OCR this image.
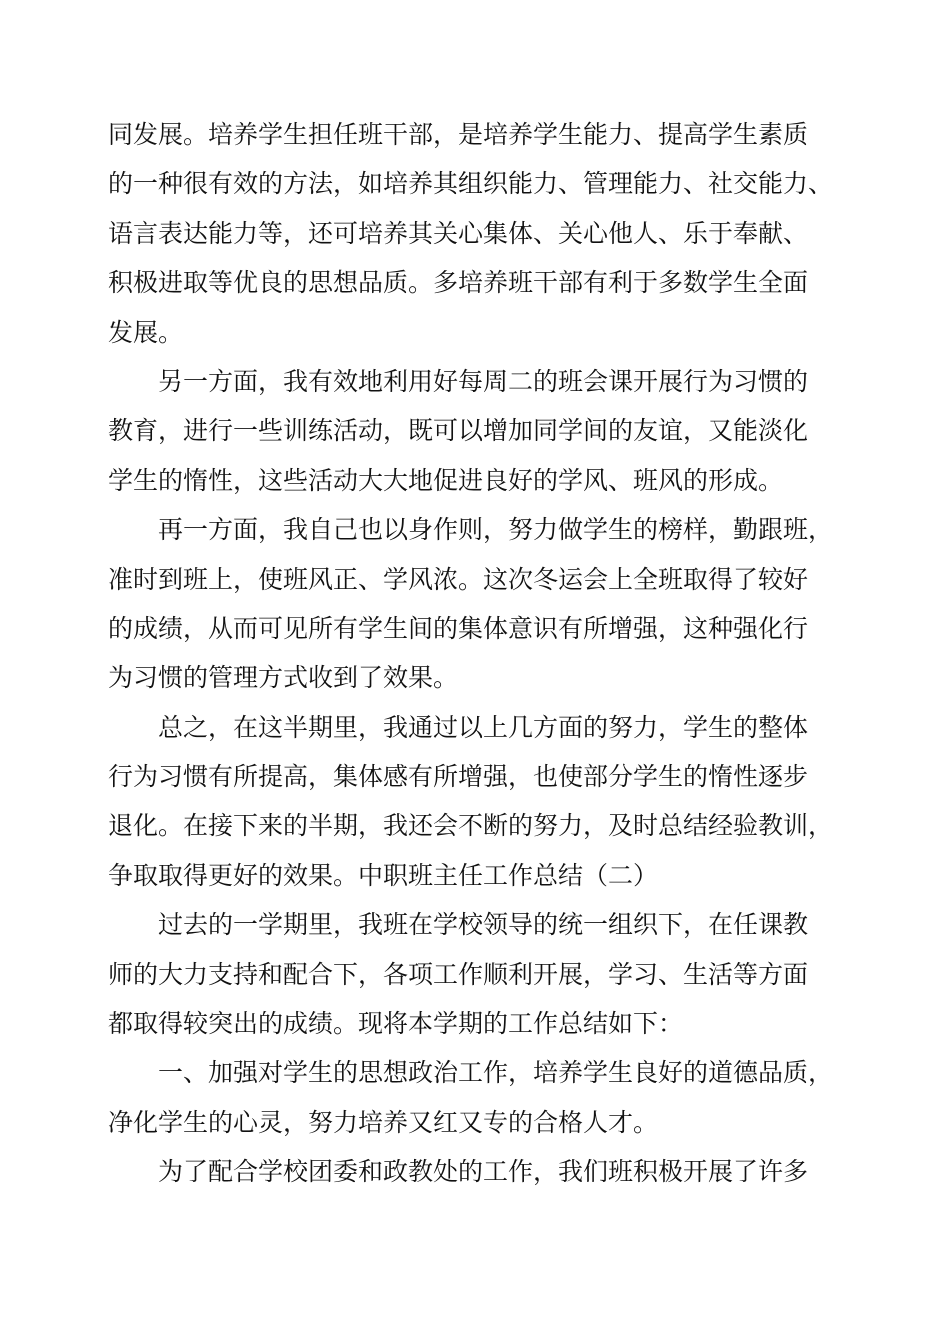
同发展。培养学生担任班干部，是培养学生能力、提高学生素质
的一种很有效的方法，如培养其组织能力、管理能力、社交能力、
语言表达能力等，还可培养其关心集体、关心他人、乐于奉献、
积极进取等优良的思想品质。多培养班干部有利于多数学生全面
发展。
另一方面，我有效地利用好每周二的班会课开展行为习惯的
教育，进行一些训练活动，既可以增加同学间的友谊，又能淡化
学生的惰性，这些活动大大地促进良好的学风、班风的形成。
再一方面，我自己也以身作则，努力做学生的榜样，勤跟班，
准时到班上，使班风正、学风浓。这次冬运会上全班取得了较好
的成绩，从而可见所有学生间的集体意识有所增强，这种强化行
为习惯的管理方式收到了效果。
总之，在这半期里，我通过以上几方面的努力，学生的整体
行为习惯有所提高，集体感有所增强，也使部分学生的惰性逐步
退化。在接下来的半期，我还会不断的努力，及时总结经验教训，
争取取得更好的效果。中职班主任工作总结（二）
过去的一学期里，我班在学校领导的统一组织下，在任课教
师的大力支持和配合下，各项工作顺利开展，学习、生活等方面
都取得较突出的成绩。现将本学期的工作总结如下：
一、加强对学生的思想政治工作，培养学生良好的道德品质，
净化学生的心灵，努力培养又红又专的合格人才。
为了配合学校团委和政教处的工作，我们班积极开展了许多
